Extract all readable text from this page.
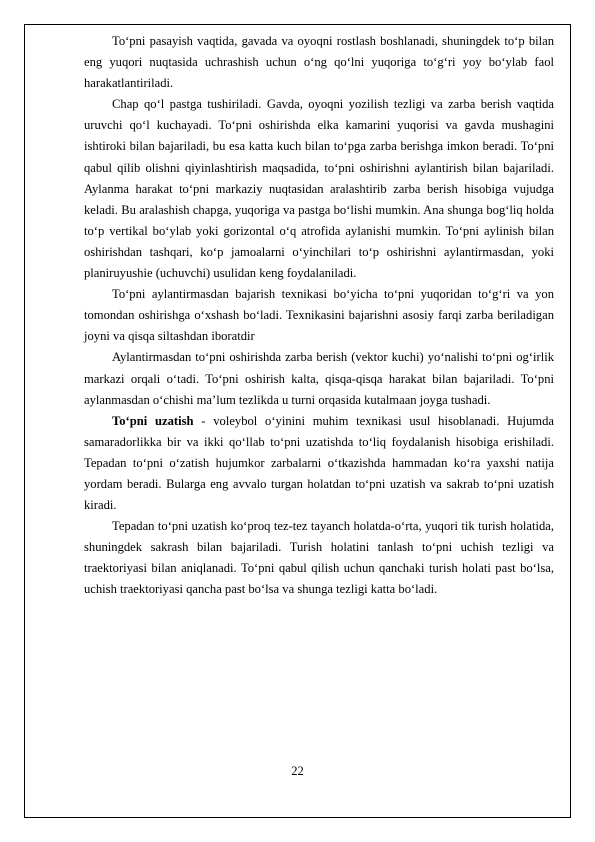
To‘pni pasayish vaqtida, gavada va oyoqni rostlash boshlanadi, shuningdek to‘p bilan eng yuqori nuqtasida uchrashish uchun o‘ng qo‘lni yuqoriga to‘g‘ri yoy bo‘ylab faol harakatlantiriladi.

Chap qo‘l pastga tushiriladi. Gavda, oyoqni yozilish tezligi va zarba berish vaqtida uruvchi qo‘l kuchayadi. To‘pni oshirishda elka kamarini yuqorisi va gavda mushagini ishtiroki bilan bajariladi, bu esa katta kuch bilan to‘pga zarba berishga imkon beradi. To‘pni qabul qilib olishni qiyinlashtirish maqsadida, to‘pni oshirishni aylantirish bilan bajariladi. Aylanma harakat to‘pni markaziy nuqtasidan aralashtirib zarba berish hisobiga vujudga keladi. Bu aralashish chapga, yuqoriga va pastga bo‘lishi mumkin. Ana shunga bog‘liq holda to‘p vertikal bo‘ylab yoki gorizontal o‘q atrofida aylanishi mumkin. To‘pni aylinish bilan oshirishdan tashqari, ko‘p jamoalarni o‘yinchilari to‘p oshirishni aylantirmasdan, yoki planiruyushie (uchuvchi) usulidan keng foydalaniladi.

To‘pni aylantirmasdan bajarish texnikasi bo‘yicha to‘pni yuqoridan to‘g‘ri va yon tomondan oshirishga o‘xshash bo‘ladi. Texnikasini bajarishni asosiy farqi zarba beriladigan joyni va qisqa siltashdan iboratdir

Aylantirmasdan to‘pni oshirishda zarba berish (vektor kuchi) yo‘nalishi to‘pni og‘irlik markazi orqali o‘tadi. To‘pni oshirish kalta, qisqa-qisqa harakat bilan bajariladi. To‘pni aylanmasdan o‘chishi ma’lum tezlikda u turni orqasida kutalmaan joyga tushadi.

To‘pni uzatish - voleybol o‘yinini muhim texnikasi usul hisoblanadi. Hujumda samaradorlikka bir va ikki qo‘llab to‘pni uzatishda to‘liq foydalanish hisobiga erishiladi. Tepadan to‘pni o‘zatish hujumkor zarbalarni o‘tkazishda hammadan ko‘ra yaxshi natija yordam beradi. Bularga eng avvalo turgan holatdan to‘pni uzatish va sakrab to‘pni uzatish kiradi.

Tepadan to‘pni uzatish ko‘proq tez-tez tayanch holatda-o‘rta, yuqori tik turish holatida, shuningdek sakrash bilan bajariladi. Turish holatini tanlash to‘pni uchish tezligi va traektoriyasi bilan aniqlanadi. To‘pni qabul qilish uchun qanchaki turish holati past bo‘lsa, uchish traektoriyasi qancha past bo‘lsa va shunga tezligi katta bo‘ladi.

22
